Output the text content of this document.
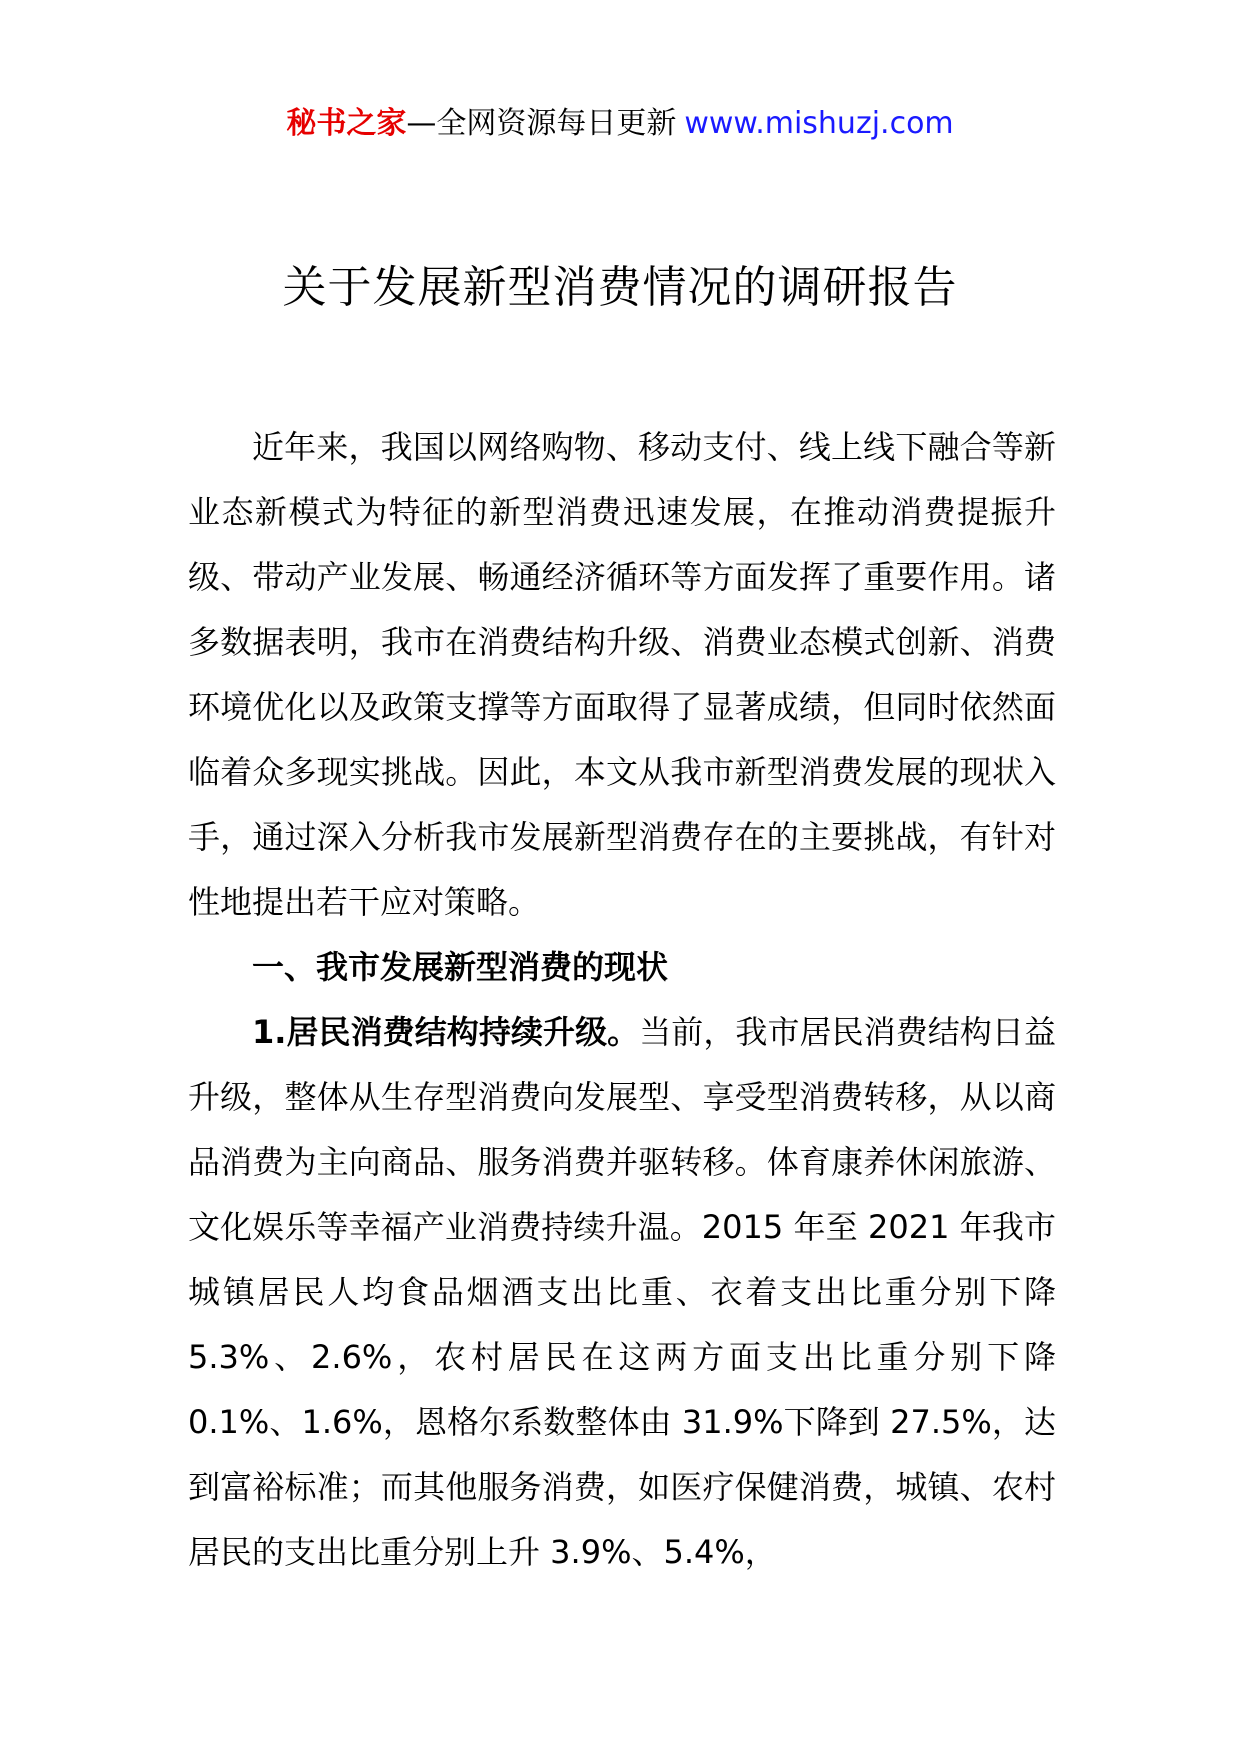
秘书之家—全网资源每日更新 www.mishuzj.com
关于发展新型消费情况的调研报告

近年来，我国以网络购物、移动支付、线上线下融合等新业态新模式为特征的新型消费迅速发展，在推动消费提振升级、带动产业发展、畅通经济循环等方面发挥了重要作用。诸多数据表明，我市在消费结构升级、消费业态模式创新、消费环境优化以及政策支撑等方面取得了显著成绩，但同时依然面临着众多现实挑战。因此，本文从我市新型消费发展的现状入手，通过深入分析我市发展新型消费存在的主要挑战，有针对性地提出若干应对策略。

一、我市发展新型消费的现状

1.居民消费结构持续升级。当前，我市居民消费结构日益升级，整体从生存型消费向发展型、享受型消费转移，从以商品消费为主向商品、服务消费并驱转移。体育康养休闲旅游、文化娱乐等幸福产业消费持续升温。2015 年至 2021 年我市城镇居民人均食品烟酒支出比重、衣着支出比重分别下降 5.3%、2.6%，农村居民在这两方面支出比重分别下降 0.1%、1.6%，恩格尔系数整体由 31.9%下降到 27.5%，达到富裕标准；而其他服务消费，如医疗保健消费，城镇、农村居民的支出比重分别上升 3.9%、5.4%，
